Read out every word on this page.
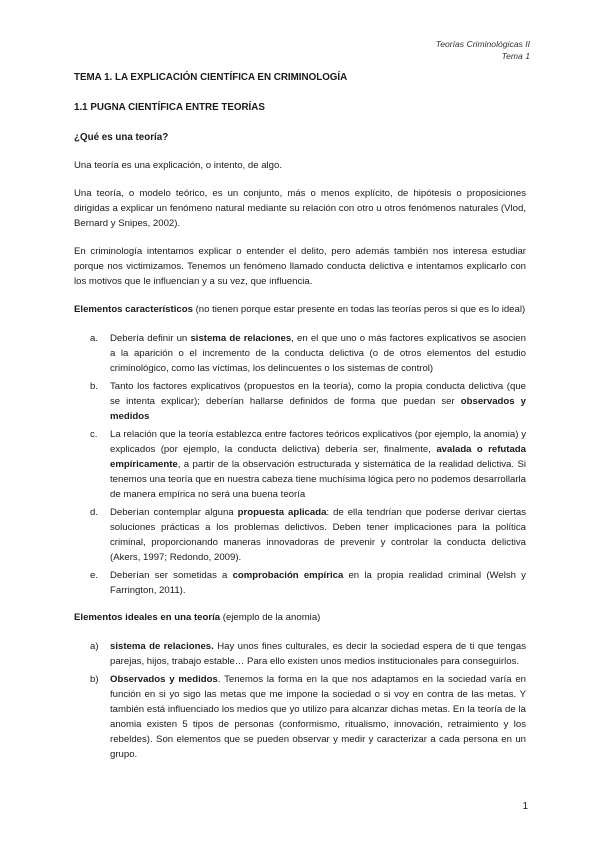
Teorías Criminológicas II
Tema 1
TEMA 1. LA EXPLICACIÓN CIENTÍFICA EN CRIMINOLOGÍA
1.1 PUGNA CIENTÍFICA ENTRE TEORÍAS
¿Qué es una teoría?

Una teoría es una explicación, o intento, de algo.

Una teoría, o modelo teórico, es un conjunto, más o menos explícito, de hipótesis o proposiciones dirigidas a explicar un fenómeno natural mediante su relación con otro u otros fenómenos naturales (Vlod, Bernard y Snipes, 2002).

En criminología intentamos explicar o entender el delito, pero además también nos interesa estudiar porque nos victimizamos. Tenemos un fenómeno llamado conducta delictiva e intentamos explicarlo con los motivos que le influencian y a su vez, que influencia.

Elementos característicos (no tienen porque estar presente en todas las teorías peros si que es lo ideal)

a. Debería definir un sistema de relaciones, en el que uno o más factores explicativos se asocien a la aparición o el incremento de la conducta delictiva (o de otros elementos del estudio criminológico, como las víctimas, los delincuentes o los sistemas de control)
b. Tanto los factores explicativos (propuestos en la teoría), como la propia conducta delictiva (que se intenta explicar); deberían hallarse definidos de forma que puedan ser observados y medidos
c. La relación que la teoría establezca entre factores teóricos explicativos (por ejemplo, la anomia) y explicados (por ejemplo, la conducta delictiva) debería ser, finalmente, avalada o refutada empíricamente, a partir de la observación estructurada y sistemática de la realidad delictiva. Si tenemos una teoría que en nuestra cabeza tiene muchísima lógica pero no podemos desarrollarla de manera empírica no será una buena teoría
d. Deberían contemplar alguna propuesta aplicada: de ella tendrían que poderse derivar ciertas soluciones prácticas a los problemas delictivos. Deben tener implicaciones para la política criminal, proporcionando maneras innovadoras de prevenir y controlar la conducta delictiva (Akers, 1997; Redondo, 2009).
e. Deberían ser sometidas a comprobación empírica en la propia realidad criminal (Welsh y Farrington, 2011).

Elementos ideales en una teoría (ejemplo de la anomia)

a) sistema de relaciones. Hay unos fines culturales, es decir la sociedad espera de ti que tengas parejas, hijos, trabajo estable… Para ello existen unos medios institucionales para conseguirlos.
b) Observados y medidos. Tenemos la forma en la que nos adaptamos en la sociedad varía en función en si yo sigo las metas que me impone la sociedad o si voy en contra de las metas. Y también está influenciado los medios que yo utilizo para alcanzar dichas metas. En la teoría de la anomia existen 5 tipos de personas (conformismo, ritualismo, innovación, retraimiento y los rebeldes). Son elementos que se pueden observar y medir y caracterizar a cada persona en un grupo.
1
